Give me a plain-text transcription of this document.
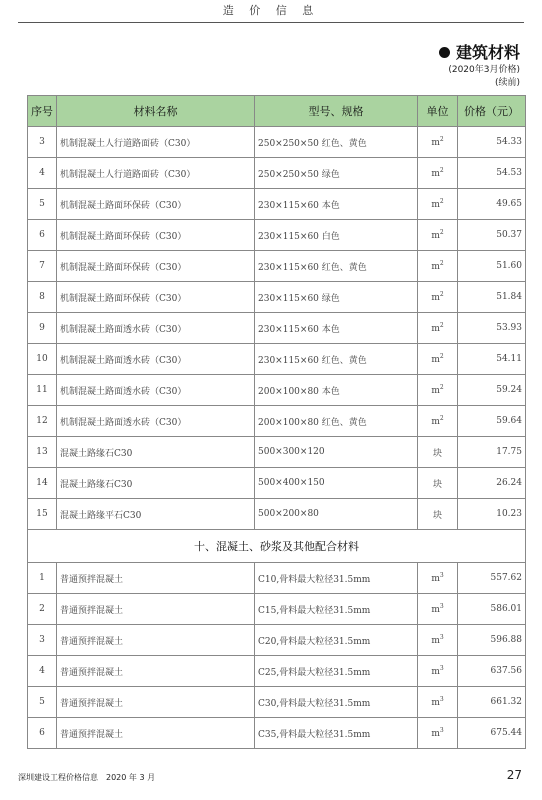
造 价 信 息
建筑材料
(2020年3月价格)
(续前)
序号	材料名称	型号、规格	单位	价格（元）
3	机制混凝土人行道路面砖（C30）	250×250×50 红色、黄色	$m^2$	54.33
4	机制混凝土人行道路面砖（C30）	250×250×50 绿色	$m^2$	54.53
5	机制混凝土路面环保砖（C30）	230×115×60 本色	$m^2$	49.65
6	机制混凝土路面环保砖（C30）	230×115×60 白色	$m^2$	50.37
7	机制混凝土路面环保砖（C30）	230×115×60 红色、黄色	$m^2$	51.60
8	机制混凝土路面环保砖（C30）	230×115×60 绿色	$m^2$	51.84
9	机制混凝土路面透水砖（C30）	230×115×60 本色	$m^2$	53.93
10	机制混凝土路面透水砖（C30）	230×115×60 红色、黄色	$m^2$	54.11
11	机制混凝土路面透水砖（C30）	200×100×80 本色	$m^2$	59.24
12	机制混凝土路面透水砖（C30）	200×100×80 红色、黄色	$m^2$	59.64
13	混凝土路缘石C30	500×300×120	块	17.75
14	混凝土路缘石C30	500×400×150	块	26.24
15	混凝土路缘平石C30	500×200×80	块	10.23
十、混凝土、砂浆及其他配合材料				
1	普通预拌混凝土	C10,骨料最大粒径31.5mm	$m^3$	557.62
2	普通预拌混凝土	C15,骨料最大粒径31.5mm	$m^3$	586.01
3	普通预拌混凝土	C20,骨料最大粒径31.5mm	$m^3$	596.88
4	普通预拌混凝土	C25,骨料最大粒径31.5mm	$m^3$	637.56
5	普通预拌混凝土	C30,骨料最大粒径31.5mm	$m^3$	661.32
6	普通预拌混凝土	C35,骨料最大粒径31.5mm	$m^3$	675.44
深圳建设工程价格信息　2020 年 3 月	27
